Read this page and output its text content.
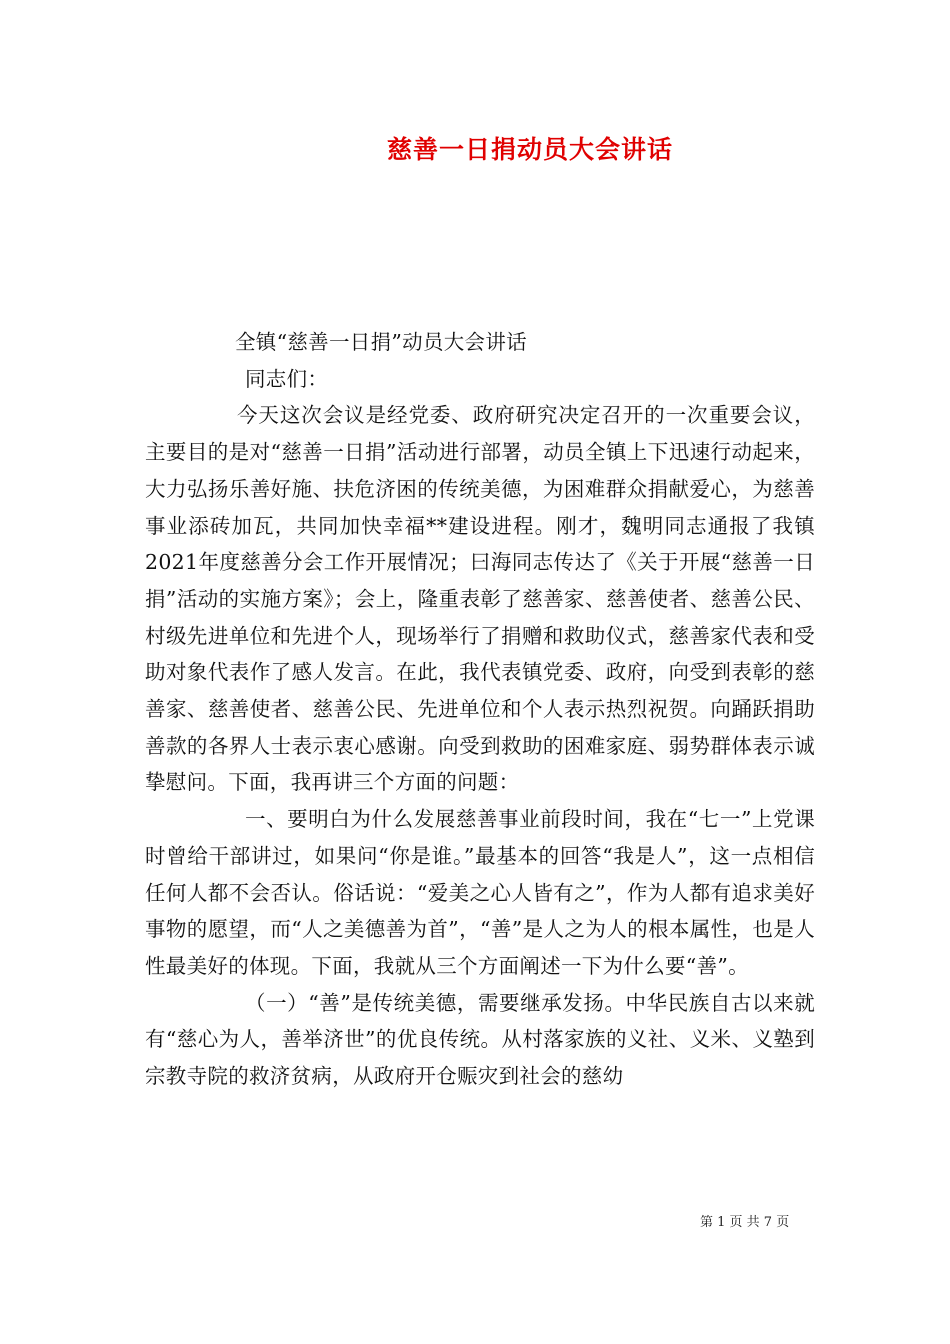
慈善一日捐动员大会讲话

全镇“慈善一日捐”动员大会讲话

同志们：

今天这次会议是经党委、政府研究决定召开的一次重要会议，主要目的是对“慈善一日捐”活动进行部署，动员全镇上下迅速行动起来，大力弘扬乐善好施、扶危济困的传统美德，为困难群众捐献爱心，为慈善事业添砖加瓦，共同加快幸福**建设进程。刚才，魏明同志通报了我镇2021年度慈善分会工作开展情况；曰海同志传达了《关于开展“慈善一日捐”活动的实施方案》；会上，隆重表彰了慈善家、慈善使者、慈善公民、村级先进单位和先进个人，现场举行了捐赠和救助仪式，慈善家代表和受助对象代表作了感人发言。在此，我代表镇党委、政府，向受到表彰的慈善家、慈善使者、慈善公民、先进单位和个人表示热烈祝贺。向踊跃捐助善款的各界人士表示衷心感谢。向受到救助的困难家庭、弱势群体表示诚挚慰问。下面，我再讲三个方面的问题：

一、要明白为什么发展慈善事业前段时间，我在“七一”上党课时曾给干部讲过，如果问“你是谁。”最基本的回答“我是人”，这一点相信任何人都不会否认。俗话说：“爱美之心人皆有之”，作为人都有追求美好事物的愿望，而“人之美德善为首”，“善”是人之为人的根本属性，也是人性最美好的体现。下面，我就从三个方面阐述一下为什么要“善”。

（一）“善”是传统美德，需要继承发扬。中华民族自古以来就有“慈心为人，善举济世”的优良传统。从村落家族的义社、义米、义塾到宗教寺院的救济贫病，从政府开仓赈灾到社会的慈幼

第 1 页 共 7 页
